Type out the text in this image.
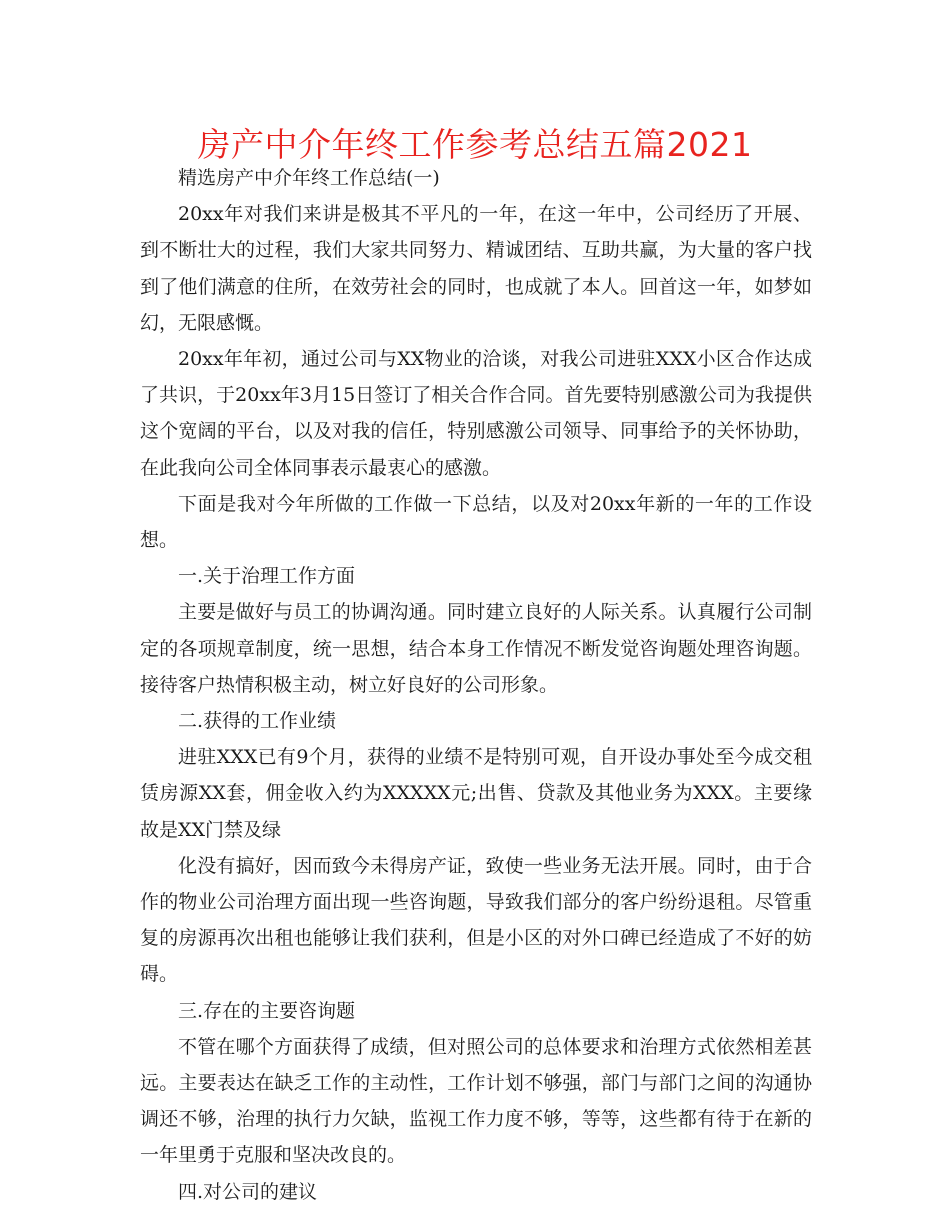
房产中介年终工作参考总结五篇2021

精选房产中介年终工作总结(一)

20xx年对我们来讲是极其不平凡的一年，在这一年中，公司经历了开展、到不断壮大的过程，我们大家共同努力、精诚团结、互助共赢，为大量的客户找到了他们满意的住所，在效劳社会的同时，也成就了本人。回首这一年，如梦如幻，无限感慨。

20xx年年初，通过公司与XX物业的洽谈，对我公司进驻XXX小区合作达成了共识，于20xx年3月15日签订了相关合作合同。首先要特别感激公司为我提供这个宽阔的平台，以及对我的信任，特别感激公司领导、同事给予的关怀协助，在此我向公司全体同事表示最衷心的感激。

下面是我对今年所做的工作做一下总结，以及对20xx年新的一年的工作设想。

一.关于治理工作方面

主要是做好与员工的协调沟通。同时建立良好的人际关系。认真履行公司制定的各项规章制度，统一思想，结合本身工作情况不断发觉咨询题处理咨询题。接待客户热情积极主动，树立好良好的公司形象。

二.获得的工作业绩

进驻XXX已有9个月，获得的业绩不是特别可观，自开设办事处至今成交租赁房源XX套，佣金收入约为XXXXX元;出售、贷款及其他业务为XXX。主要缘故是XX门禁及绿

化没有搞好，因而致今未得房产证，致使一些业务无法开展。同时，由于合作的物业公司治理方面出现一些咨询题，导致我们部分的客户纷纷退租。尽管重复的房源再次出租也能够让我们获利，但是小区的对外口碑已经造成了不好的妨碍。

三.存在的主要咨询题

不管在哪个方面获得了成绩，但对照公司的总体要求和治理方式依然相差甚远。主要表达在缺乏工作的主动性，工作计划不够强，部门与部门之间的沟通协调还不够，治理的执行力欠缺，监视工作力度不够，等等，这些都有待于在新的一年里勇于克服和坚决改良的。

四.对公司的建议
